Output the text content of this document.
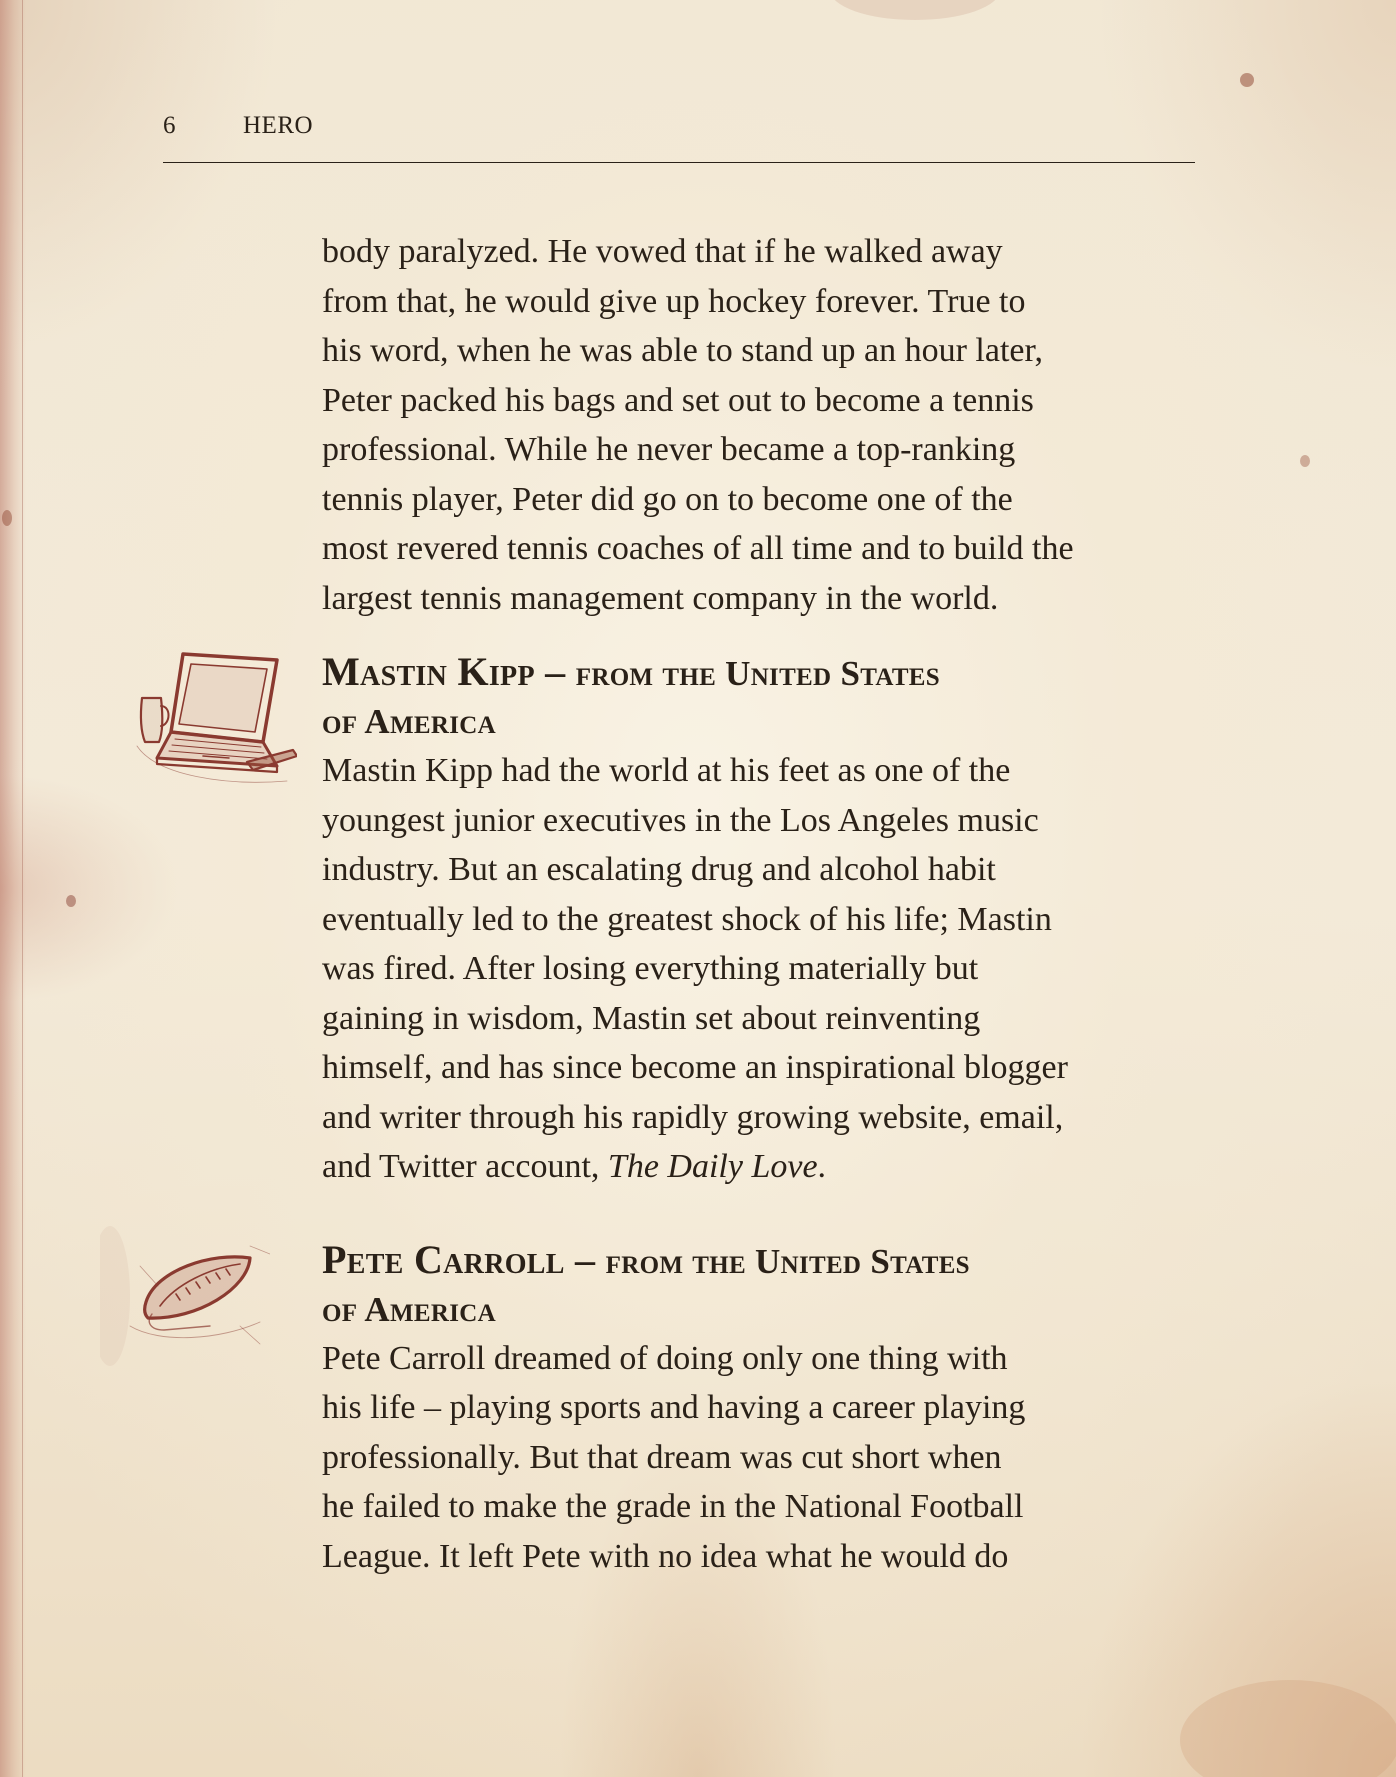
6	HERO

body paralyzed. He vowed that if he walked away
from that, he would give up hockey forever. True to
his word, when he was able to stand up an hour later,
Peter packed his bags and set out to become a tennis
professional. While he never became a top-ranking
tennis player, Peter did go on to become one of the
most revered tennis coaches of all time and to build the
largest tennis management company in the world.

Mastin Kipp – from the United States
of America

Mastin Kipp had the world at his feet as one of the
youngest junior executives in the Los Angeles music
industry. But an escalating drug and alcohol habit
eventually led to the greatest shock of his life; Mastin
was fired. After losing everything materially but
gaining in wisdom, Mastin set about reinventing
himself, and has since become an inspirational blogger
and writer through his rapidly growing website, email,
and Twitter account, The Daily Love.

Pete Carroll – from the United States
of America

Pete Carroll dreamed of doing only one thing with
his life – playing sports and having a career playing
professionally. But that dream was cut short when
he failed to make the grade in the National Football
League. It left Pete with no idea what he would do
